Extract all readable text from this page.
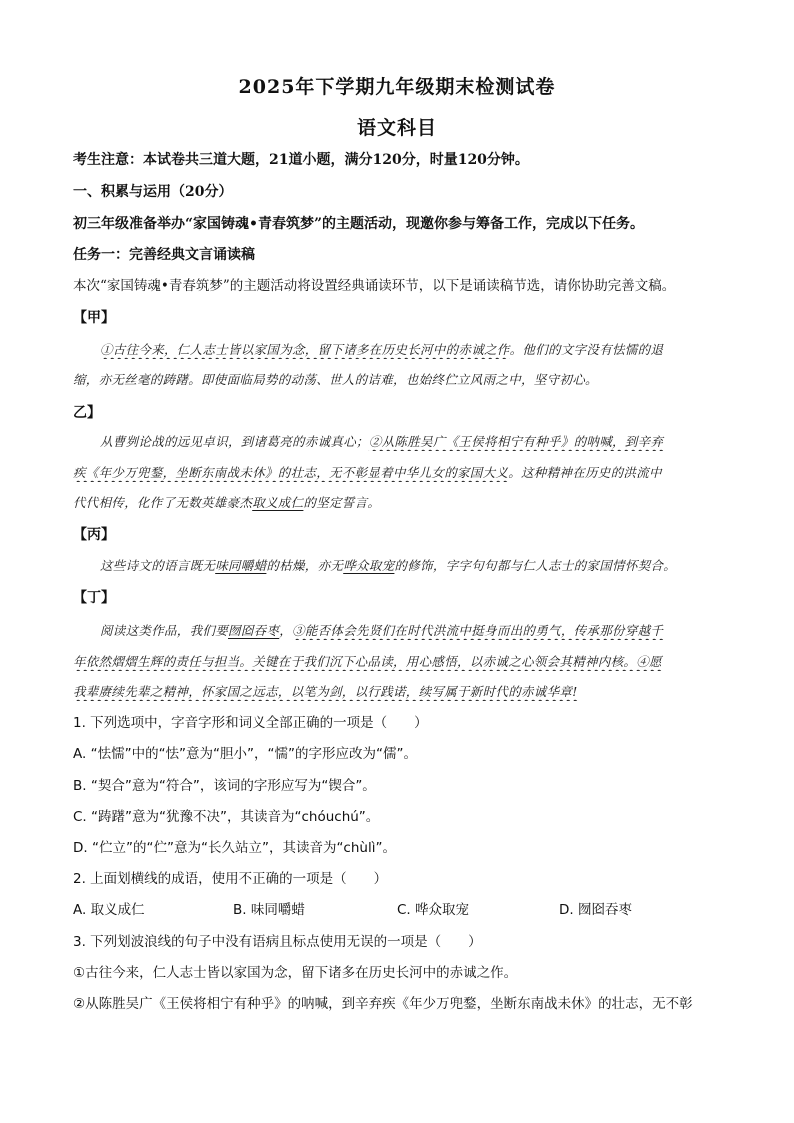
2025年下学期九年级期末检测试卷
语文科目
考生注意：本试卷共三道大题，21道小题，满分120分，时量120分钟。
一、积累与运用（20分）
初三年级准备举办“家国铸魂•青春筑梦”的主题活动，现邀你参与筹备工作，完成以下任务。
任务一：完善经典文言诵读稿
本次“家国铸魂•青春筑梦”的主题活动将设置经典诵读环节，以下是诵读稿节选，请你协助完善文稿。
【甲】
①古往今来，仁人志士皆以家国为念，留下诸多在历史长河中的赤诚之作。他们的文字没有怯懦的退
缩，亦无丝毫的踌躇。即使面临局势的动荡、世人的诘难，也始终伫立风雨之中，坚守初心。
乙】
从曹刿论战的远见卓识，到诸葛亮的赤诚真心；②从陈胜吴广《王侯将相宁有种乎》的呐喊，到辛弃
疾《年少万兜鍪，坐断东南战未休》的壮志，无不彰显着中华儿女的家国大义。这种精神在历史的洪流中
代代相传，化作了无数英雄豪杰取义成仁的坚定誓言。
【丙】
这些诗文的语言既无味同嚼蜡的枯燥，亦无哗众取宠的修饰，字字句句都与仁人志士的家国情怀契合。
【丁】
阅读这类作品，我们要囫囵吞枣，③能否体会先贤们在时代洪流中挺身而出的勇气，传承那份穿越千
年依然熠熠生辉的责任与担当。关键在于我们沉下心品读，用心感悟，以赤诚之心领会其精神内核。④愿
我辈赓续先辈之精神，怀家国之远志，以笔为剑，以行践诺，续写属于新时代的赤诚华章!
1. 下列选项中，字音字形和词义全部正确的一项是（　　）
A. “怯懦”中的“怯”意为“胆小”，“懦”的字形应改为“儒”。
B. “契合”意为“符合”，该词的字形应写为“锲合”。
C. “踌躇”意为“犹豫不决”，其读音为“chóuchú”。
D. “伫立”的“伫”意为“长久站立”，其读音为“chùlì”。
2. 上面划横线的成语，使用不正确的一项是（　　）
A. 取义成仁	B. 味同嚼蜡	C. 哗众取宠	D. 囫囵吞枣
3. 下列划波浪线的句子中没有语病且标点使用无误的一项是（　　）
①古往今来，仁人志士皆以家国为念，留下诸多在历史长河中的赤诚之作。
②从陈胜吴广《王侯将相宁有种乎》的呐喊，到辛弃疾《年少万兜鍪，坐断东南战未休》的壮志，无不彰
